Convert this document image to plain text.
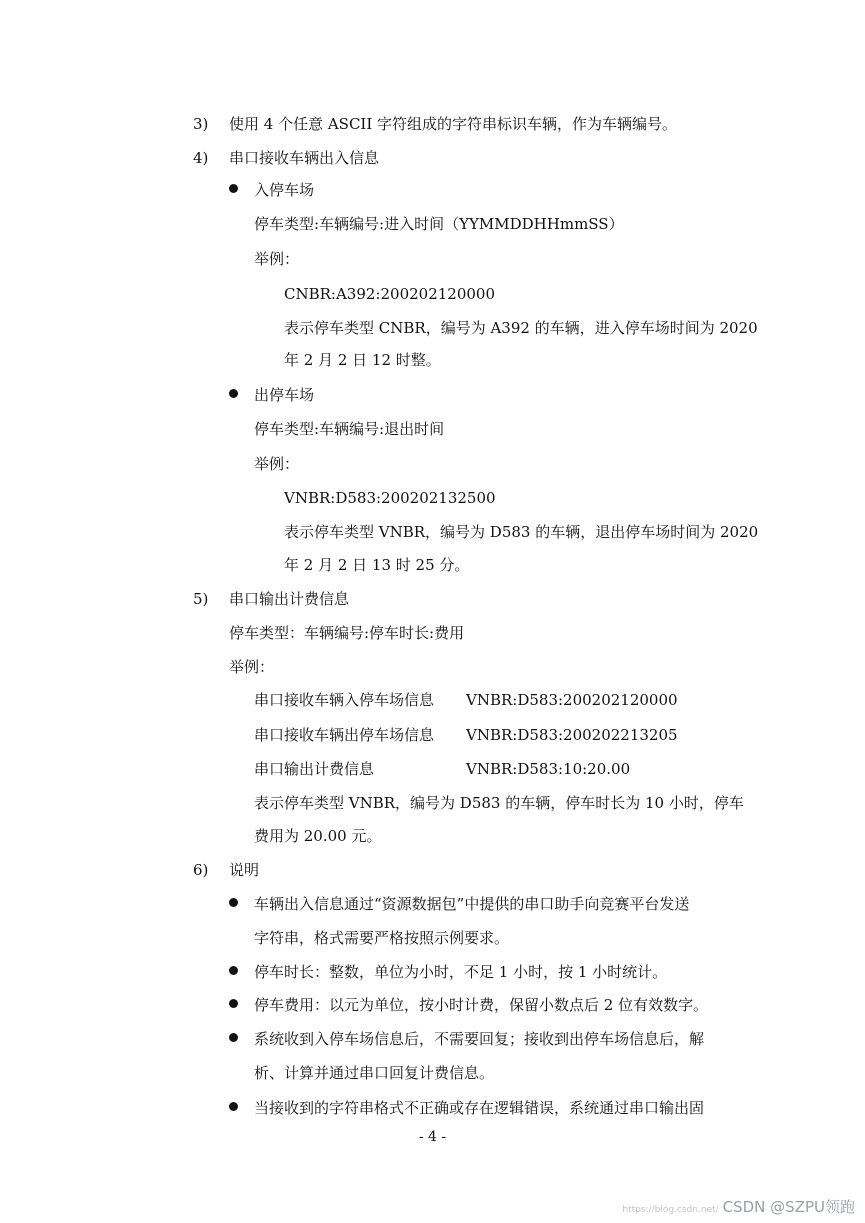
3) 使用 4 个任意 ASCII 字符组成的字符串标识车辆，作为车辆编号。
4) 串口接收车辆出入信息
入停车场
停车类型:车辆编号:进入时间（YYMMDDHHmmSS）
举例：
CNBR:A392:200202120000
表示停车类型 CNBR，编号为 A392 的车辆，进入停车场时间为 2020
年 2 月 2 日 12 时整。
出停车场
停车类型:车辆编号:退出时间
举例：
VNBR:D583:200202132500
表示停车类型 VNBR，编号为 D583 的车辆，退出停车场时间为 2020
年 2 月 2 日 13 时 25 分。
5) 串口输出计费信息
停车类型：车辆编号:停车时长:费用
举例：
串口接收车辆入停车场信息 VNBR:D583:200202120000
串口接收车辆出停车场信息 VNBR:D583:200202213205
串口输出计费信息	VNBR:D583:10:20.00
表示停车类型 VNBR，编号为 D583 的车辆，停车时长为 10 小时，停车
费用为 20.00 元。
6) 说明
车辆出入信息通过“资源数据包”中提供的串口助手向竞赛平台发送
字符串，格式需要严格按照示例要求。
停车时长：整数，单位为小时，不足 1 小时，按 1 小时统计。
停车费用：以元为单位，按小时计费，保留小数点后 2 位有效数字。
系统收到入停车场信息后，不需要回复；接收到出停车场信息后，解
析、计算并通过串口回复计费信息。
当接收到的字符串格式不正确或存在逻辑错误，系统通过串口输出固
- 4 -
https://blog.csdn.net/ CSDN @SZPU领跑
